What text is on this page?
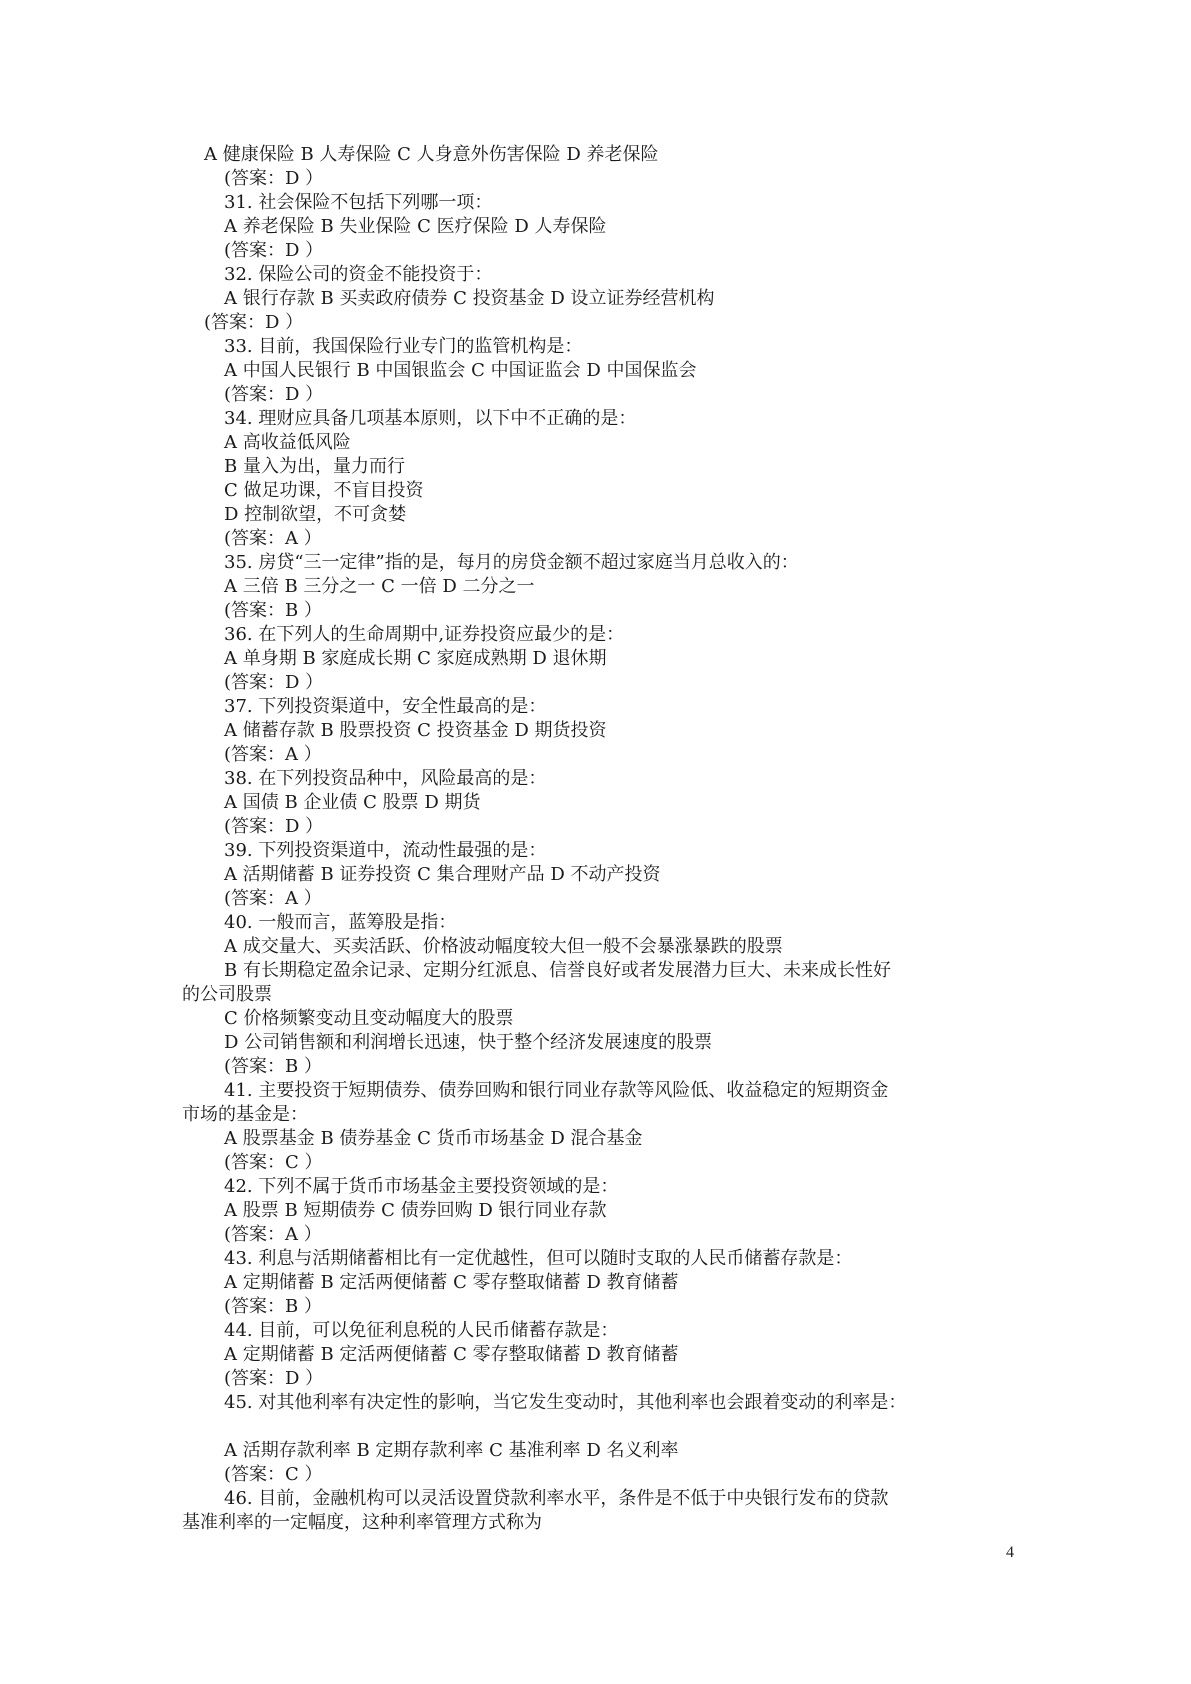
A 健康保险 B 人寿保险 C 人身意外伤害保险 D 养老保险
(答案：D ）
31. 社会保险不包括下列哪一项：
A 养老保险 B 失业保险 C 医疗保险 D 人寿保险
(答案：D ）
32. 保险公司的资金不能投资于：
A 银行存款 B 买卖政府债券 C 投资基金 D 设立证券经营机构
(答案：D ）
33. 目前，我国保险行业专门的监管机构是：
A 中国人民银行 B 中国银监会 C 中国证监会 D 中国保监会
(答案：D ）
34. 理财应具备几项基本原则，以下中不正确的是：
A 高收益低风险
B 量入为出，量力而行
C 做足功课，不盲目投资
D 控制欲望，不可贪婪
(答案：A ）
35. 房贷“三一定律”指的是，每月的房贷金额不超过家庭当月总收入的：
A 三倍 B 三分之一 C 一倍 D 二分之一
(答案：B ）
36. 在下列人的生命周期中,证券投资应最少的是：
A 单身期 B 家庭成长期 C 家庭成熟期 D 退休期
(答案：D ）
37. 下列投资渠道中，安全性最高的是：
A 储蓄存款 B 股票投资 C 投资基金 D 期货投资
(答案：A ）
38. 在下列投资品种中，风险最高的是：
A 国债 B 企业债 C 股票 D 期货
(答案：D ）
39. 下列投资渠道中，流动性最强的是：
A 活期储蓄 B 证券投资 C 集合理财产品 D 不动产投资
(答案：A ）
40. 一般而言，蓝筹股是指：
A 成交量大、买卖活跃、价格波动幅度较大但一般不会暴涨暴跌的股票
B 有长期稳定盈余记录、定期分红派息、信誉良好或者发展潜力巨大、未来成长性好
的公司股票
C 价格频繁变动且变动幅度大的股票
D 公司销售额和利润增长迅速，快于整个经济发展速度的股票
(答案：B ）
41. 主要投资于短期债券、债券回购和银行同业存款等风险低、收益稳定的短期资金
市场的基金是：
A 股票基金 B 债券基金 C 货币市场基金 D 混合基金
(答案：C ）
42. 下列不属于货币市场基金主要投资领域的是：
A 股票 B 短期债券 C 债券回购 D 银行同业存款
(答案：A ）
43. 利息与活期储蓄相比有一定优越性，但可以随时支取的人民币储蓄存款是：
A 定期储蓄 B 定活两便储蓄 C 零存整取储蓄 D 教育储蓄
(答案：B ）
44. 目前，可以免征利息税的人民币储蓄存款是：
A 定期储蓄 B 定活两便储蓄 C 零存整取储蓄 D 教育储蓄
(答案：D ）
45. 对其他利率有决定性的影响，当它发生变动时，其他利率也会跟着变动的利率是：
A 活期存款利率 B 定期存款利率 C 基准利率 D 名义利率
(答案：C ）
46. 目前，金融机构可以灵活设置贷款利率水平，条件是不低于中央银行发布的贷款
基准利率的一定幅度，这种利率管理方式称为
4
